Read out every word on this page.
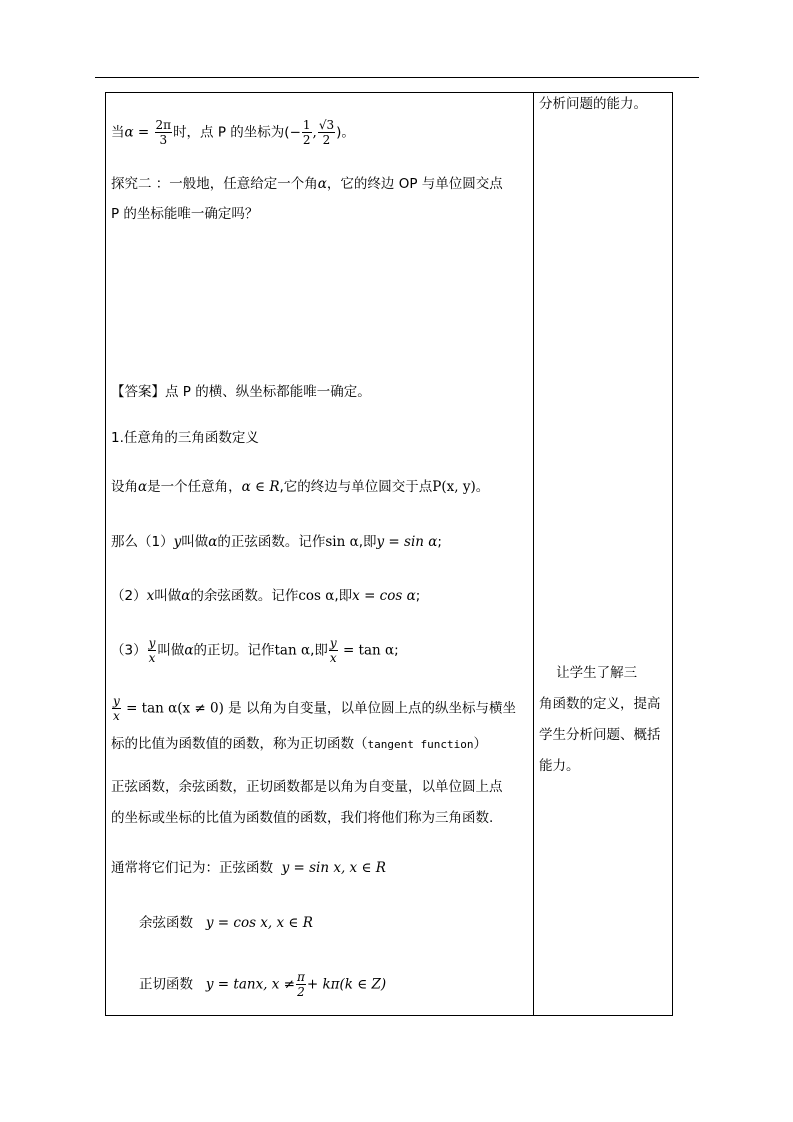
当$\alpha = \frac{2\pi}{3}$ 时，点 P 的坐标为(− $\frac{1}{2}$ , $\frac{√3}{2}$ )。
探究二 ：一般地，任意给定一个角α，它的终边 OP 与单位圆交点
P 的坐标能唯一确定吗？
【答案】点 P 的横、纵坐标都能唯一确定。
1.任意角的三角函数定义
设角α是一个任意角，α ∈ R,它的终边与单位圆交于点P(x, y)。
那么（1）y叫做α的正弦函数。记作sin α,即y = sin α;
（2）x叫做α的余弦函数。记作cos α,即x = cos α;
$(3) \frac{y}{x}$ 叫做α的正切。记作tan α,即 $\frac{y}{x} = \tan \alpha$;
$\frac{y}{x} = \tan \alpha(x \ne 0)$ 是 以角为自变量，以单位圆上点的纵坐标与横坐
标的比值为函数值的函数，称为正切函数（tangent function）
正弦函数，余弦函数，正切函数都是以角为自变量，以单位圆上点
的坐标或坐标的比值为函数值的函数，我们将他们称为三角函数.
通常将它们记为：正弦函数 y = sin x, x ∈ R
余弦函数 y = cos x, x ∈ R
正切函数 y = tanx, $x \ne \frac{\pi}{2} + k\pi(k$ ∈ Z)
分析问题的能力。
让学生了解三
角函数的定义，提高
学生分析问题、概括
能力。
